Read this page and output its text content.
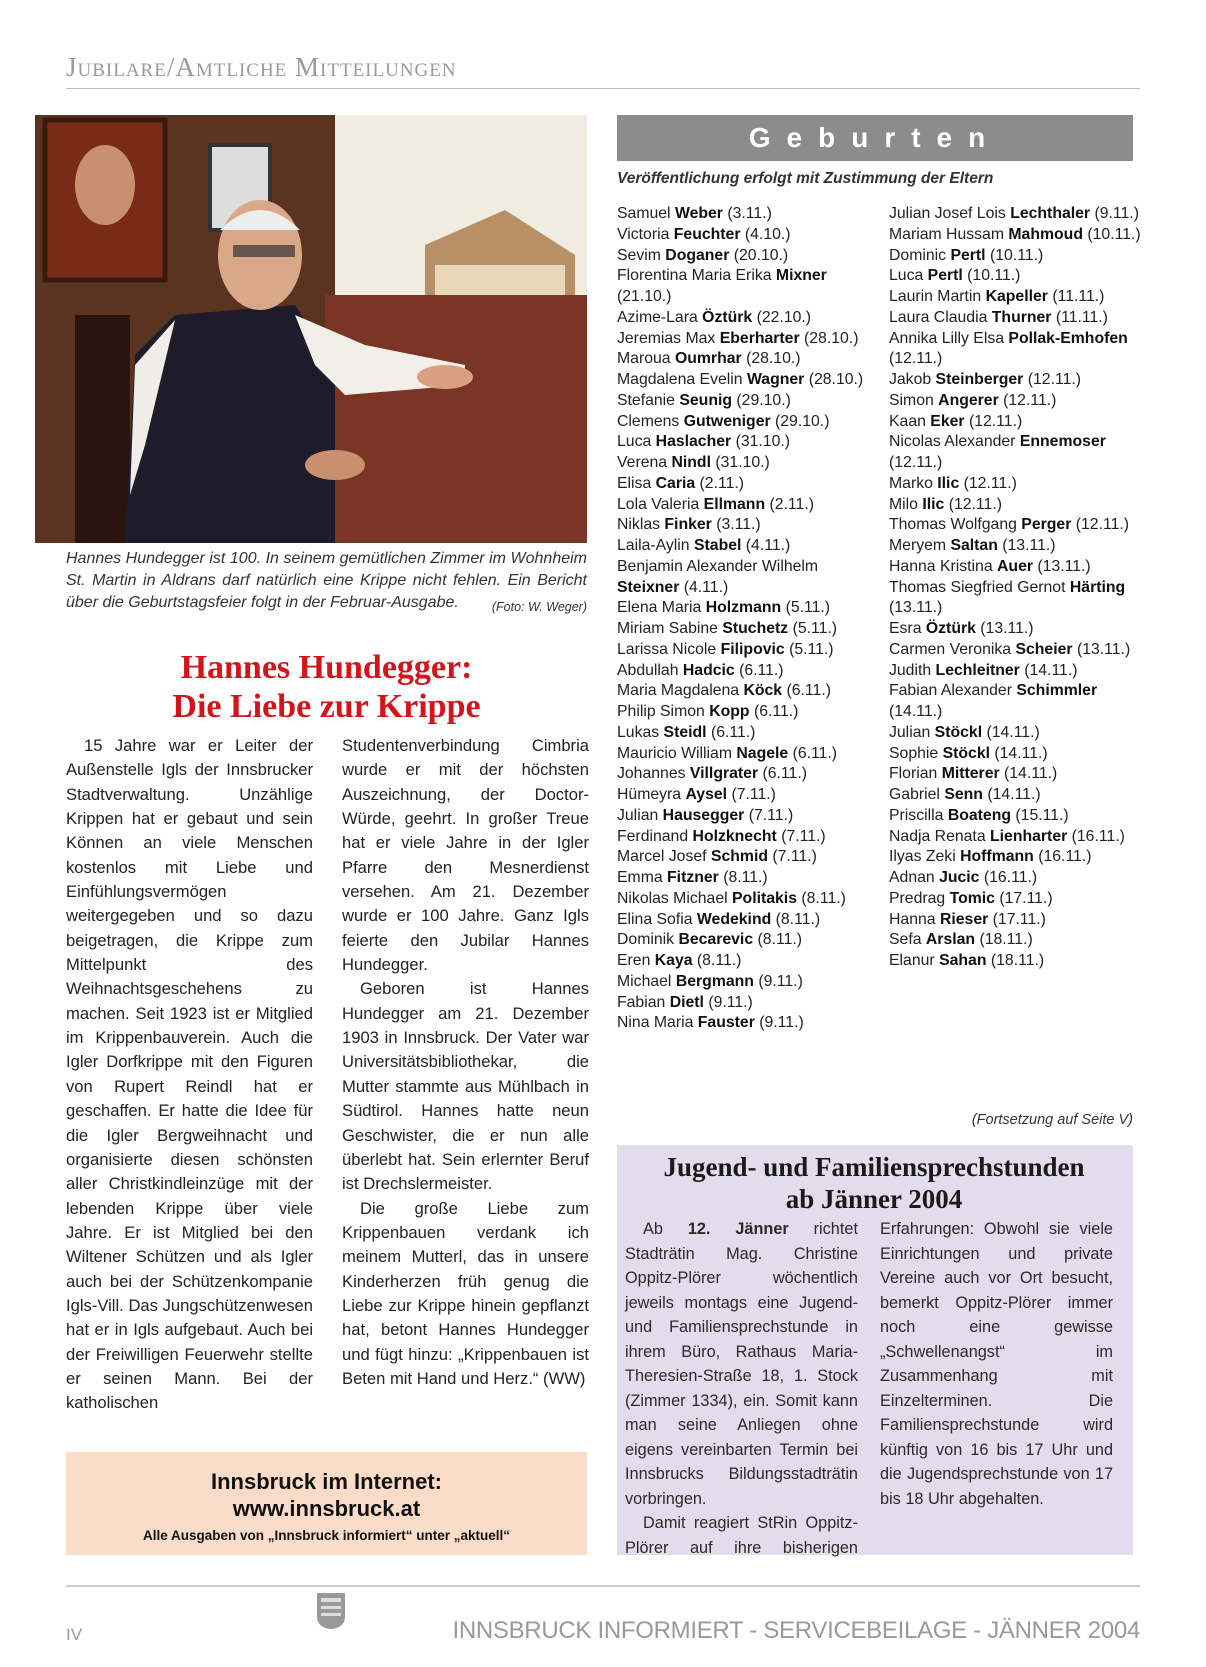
Jubilare/Amtliche Mitteilungen
Hannes Hundegger ist 100. In seinem gemütlichen Zimmer im Wohnheim St. Martin in Aldrans darf natürlich eine Krippe nicht fehlen. Ein Bericht über die Geburtstagsfeier folgt in der Februar-Ausgabe.	(Foto: W. Weger)
Hannes Hundegger:
Die Liebe zur Krippe

15 Jahre war er Leiter der Außenstelle Igls der Innsbrucker Stadtverwaltung. Unzählige Krippen hat er gebaut und sein Können an viele Menschen kostenlos mit Liebe und Einfühlungsvermögen weitergegeben und so dazu beigetragen, die Krippe zum Mittelpunkt des Weihnachtsgeschehens zu machen. Seit 1923 ist er Mitglied im Krippenbauverein. Auch die Igler Dorfkrippe mit den Figuren von Rupert Reindl hat er geschaffen. Er hatte die Idee für die Igler Bergweihnacht und organisierte diesen schönsten aller Christkindleinzüge mit der lebenden Krippe über viele Jahre. Er ist Mitglied bei den Wiltener Schützen und als Igler auch bei der Schützenkompanie Igls-Vill. Das Jungschützenwesen hat er in Igls aufgebaut. Auch bei der Freiwilligen Feuerwehr stellte er seinen Mann. Bei der katholischen

Studentenverbindung Cimbria wurde er mit der höchsten Auszeichnung, der Doctor-Würde, geehrt. In großer Treue hat er viele Jahre in der Igler Pfarre den Mesnerdienst versehen. Am 21. Dezember wurde er 100 Jahre. Ganz Igls feierte den Jubilar Hannes Hundegger.

Geboren ist Hannes Hundegger am 21. Dezember 1903 in Innsbruck. Der Vater war Universitätsbibliothekar, die Mutter stammte aus Mühlbach in Südtirol. Hannes hatte neun Geschwister, die er nun alle überlebt hat. Sein erlernter Beruf ist Drechslermeister.

Die große Liebe zum Krippenbauen verdank ich meinem Mutterl, das in unsere Kinderherzen früh genug die Liebe zur Krippe hinein gepflanzt hat, betont Hannes Hundegger und fügt hinzu: „Krippenbauen ist Beten mit Hand und Herz.“ (WW)

Innsbruck im Internet:
www.innsbruck.at
Alle Ausgaben von „Innsbruck informiert“ unter „aktuell“
Geburten
Veröffentlichung erfolgt mit Zustimmung der Eltern
Samuel Weber (3.11.)
Victoria Feuchter (4.10.)
Sevim Doganer (20.10.)
Florentina Maria Erika Mixner (21.10.)
Azime-Lara Öztürk (22.10.)
Jeremias Max Eberharter (28.10.)
Maroua Oumrhar (28.10.)
Magdalena Evelin Wagner (28.10.)
Stefanie Seunig (29.10.)
Clemens Gutweniger (29.10.)
Luca Haslacher (31.10.)
Verena Nindl (31.10.)
Elisa Caria (2.11.)
Lola Valeria Ellmann (2.11.)
Niklas Finker (3.11.)
Laila-Aylin Stabel (4.11.)
Benjamin Alexander Wilhelm Steixner (4.11.)
Elena Maria Holzmann (5.11.)
Miriam Sabine Stuchetz (5.11.)
Larissa Nicole Filipovic (5.11.)
Abdullah Hadcic (6.11.)
Maria Magdalena Köck (6.11.)
Philip Simon Kopp (6.11.)
Lukas Steidl (6.11.)
Mauricio William Nagele (6.11.)
Johannes Villgrater (6.11.)
Hümeyra Aysel (7.11.)
Julian Hausegger (7.11.)
Ferdinand Holzknecht (7.11.)
Marcel Josef Schmid (7.11.)
Emma Fitzner (8.11.)
Nikolas Michael Politakis (8.11.)
Elina Sofia Wedekind (8.11.)
Dominik Becarevic (8.11.)
Eren Kaya (8.11.)
Michael Bergmann (9.11.)
Fabian Dietl (9.11.)
Nina Maria Fauster (9.11.)
Julian Josef Lois Lechthaler (9.11.)
Mariam Hussam Mahmoud (10.11.)
Dominic Pertl (10.11.)
Luca Pertl (10.11.)
Laurin Martin Kapeller (11.11.)
Laura Claudia Thurner (11.11.)
Annika Lilly Elsa Pollak-Emhofen (12.11.)
Jakob Steinberger (12.11.)
Simon Angerer (12.11.)
Kaan Eker (12.11.)
Nicolas Alexander Ennemoser (12.11.)
Marko Ilic (12.11.)
Milo Ilic (12.11.)
Thomas Wolfgang Perger (12.11.)
Meryem Saltan (13.11.)
Hanna Kristina Auer (13.11.)
Thomas Siegfried Gernot Härting (13.11.)
Esra Öztürk (13.11.)
Carmen Veronika Scheier (13.11.)
Judith Lechleitner (14.11.)
Fabian Alexander Schimmler (14.11.)
Julian Stöckl (14.11.)
Sophie Stöckl (14.11.)
Florian Mitterer (14.11.)
Gabriel Senn (14.11.)
Priscilla Boateng (15.11.)
Nadja Renata Lienharter (16.11.)
Ilyas Zeki Hoffmann (16.11.)
Adnan Jucic (16.11.)
Predrag Tomic (17.11.)
Hanna Rieser (17.11.)
Sefa Arslan (18.11.)
Elanur Sahan (18.11.)
(Fortsetzung auf Seite V)
Jugend- und Familiensprechstunden
ab Jänner 2004

Ab 12. Jänner richtet Stadträtin Mag. Christine Oppitz-Plörer wöchentlich jeweils montags eine Jugend- und Familiensprechstunde in ihrem Büro, Rathaus Maria-Theresien-Straße 18, 1. Stock (Zimmer 1334), ein. Somit kann man seine Anliegen ohne eigens vereinbarten Termin bei Innsbrucks Bildungsstadträtin vorbringen.

Damit reagiert StRin Oppitz-Plörer auf ihre bisherigen Erfahrungen: Obwohl sie viele Einrichtungen und private Vereine auch vor Ort besucht, bemerkt Oppitz-Plörer immer noch eine gewisse „Schwellenangst“ im Zusammenhang mit Einzelterminen. Die Familiensprechstunde wird künftig von 16 bis 17 Uhr und die Jugendsprechstunde von 17 bis 18 Uhr abgehalten.

IV	INNSBRUCK INFORMIERT - SERVICEBEILAGE - JÄNNER 2004
